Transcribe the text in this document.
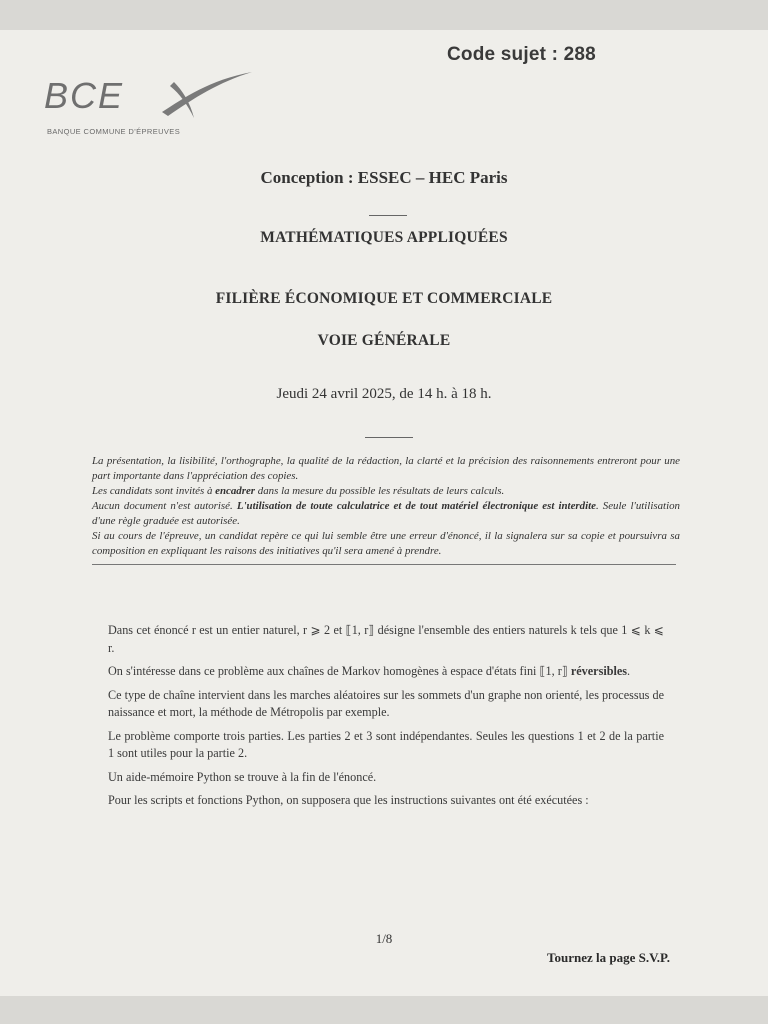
Code sujet : 288
BCE
BANQUE COMMUNE D'ÉPREUVES
Conception : ESSEC – HEC Paris
MATHÉMATIQUES APPLIQUÉES
FILIÈRE ÉCONOMIQUE ET COMMERCIALE
VOIE GÉNÉRALE
Jeudi 24 avril 2025, de 14 h. à 18 h.

La présentation, la lisibilité, l'orthographe, la qualité de la rédaction, la clarté et la précision des raisonnements entreront pour une part importante dans l'appréciation des copies.

Les candidats sont invités à encadrer dans la mesure du possible les résultats de leurs calculs.

Aucun document n'est autorisé. L'utilisation de toute calculatrice et de tout matériel électronique est interdite. Seule l'utilisation d'une règle graduée est autorisée.

Si au cours de l'épreuve, un candidat repère ce qui lui semble être une erreur d'énoncé, il la signalera sur sa copie et poursuivra sa composition en expliquant les raisons des initiatives qu'il sera amené à prendre.

Dans cet énoncé r est un entier naturel, r ⩾ 2 et ⟦1, r⟧ désigne l'ensemble des entiers naturels k tels que 1 ⩽ k ⩽ r.

On s'intéresse dans ce problème aux chaînes de Markov homogènes à espace d'états fini ⟦1, r⟧ réversibles.

Ce type de chaîne intervient dans les marches aléatoires sur les sommets d'un graphe non orienté, les processus de naissance et mort, la méthode de Métropolis par exemple.

Le problème comporte trois parties. Les parties 2 et 3 sont indépendantes. Seules les questions 1 et 2 de la partie 1 sont utiles pour la partie 2.

Un aide-mémoire Python se trouve à la fin de l'énoncé.

Pour les scripts et fonctions Python, on supposera que les instructions suivantes ont été exécutées :

1/8
Tournez la page S.V.P.
